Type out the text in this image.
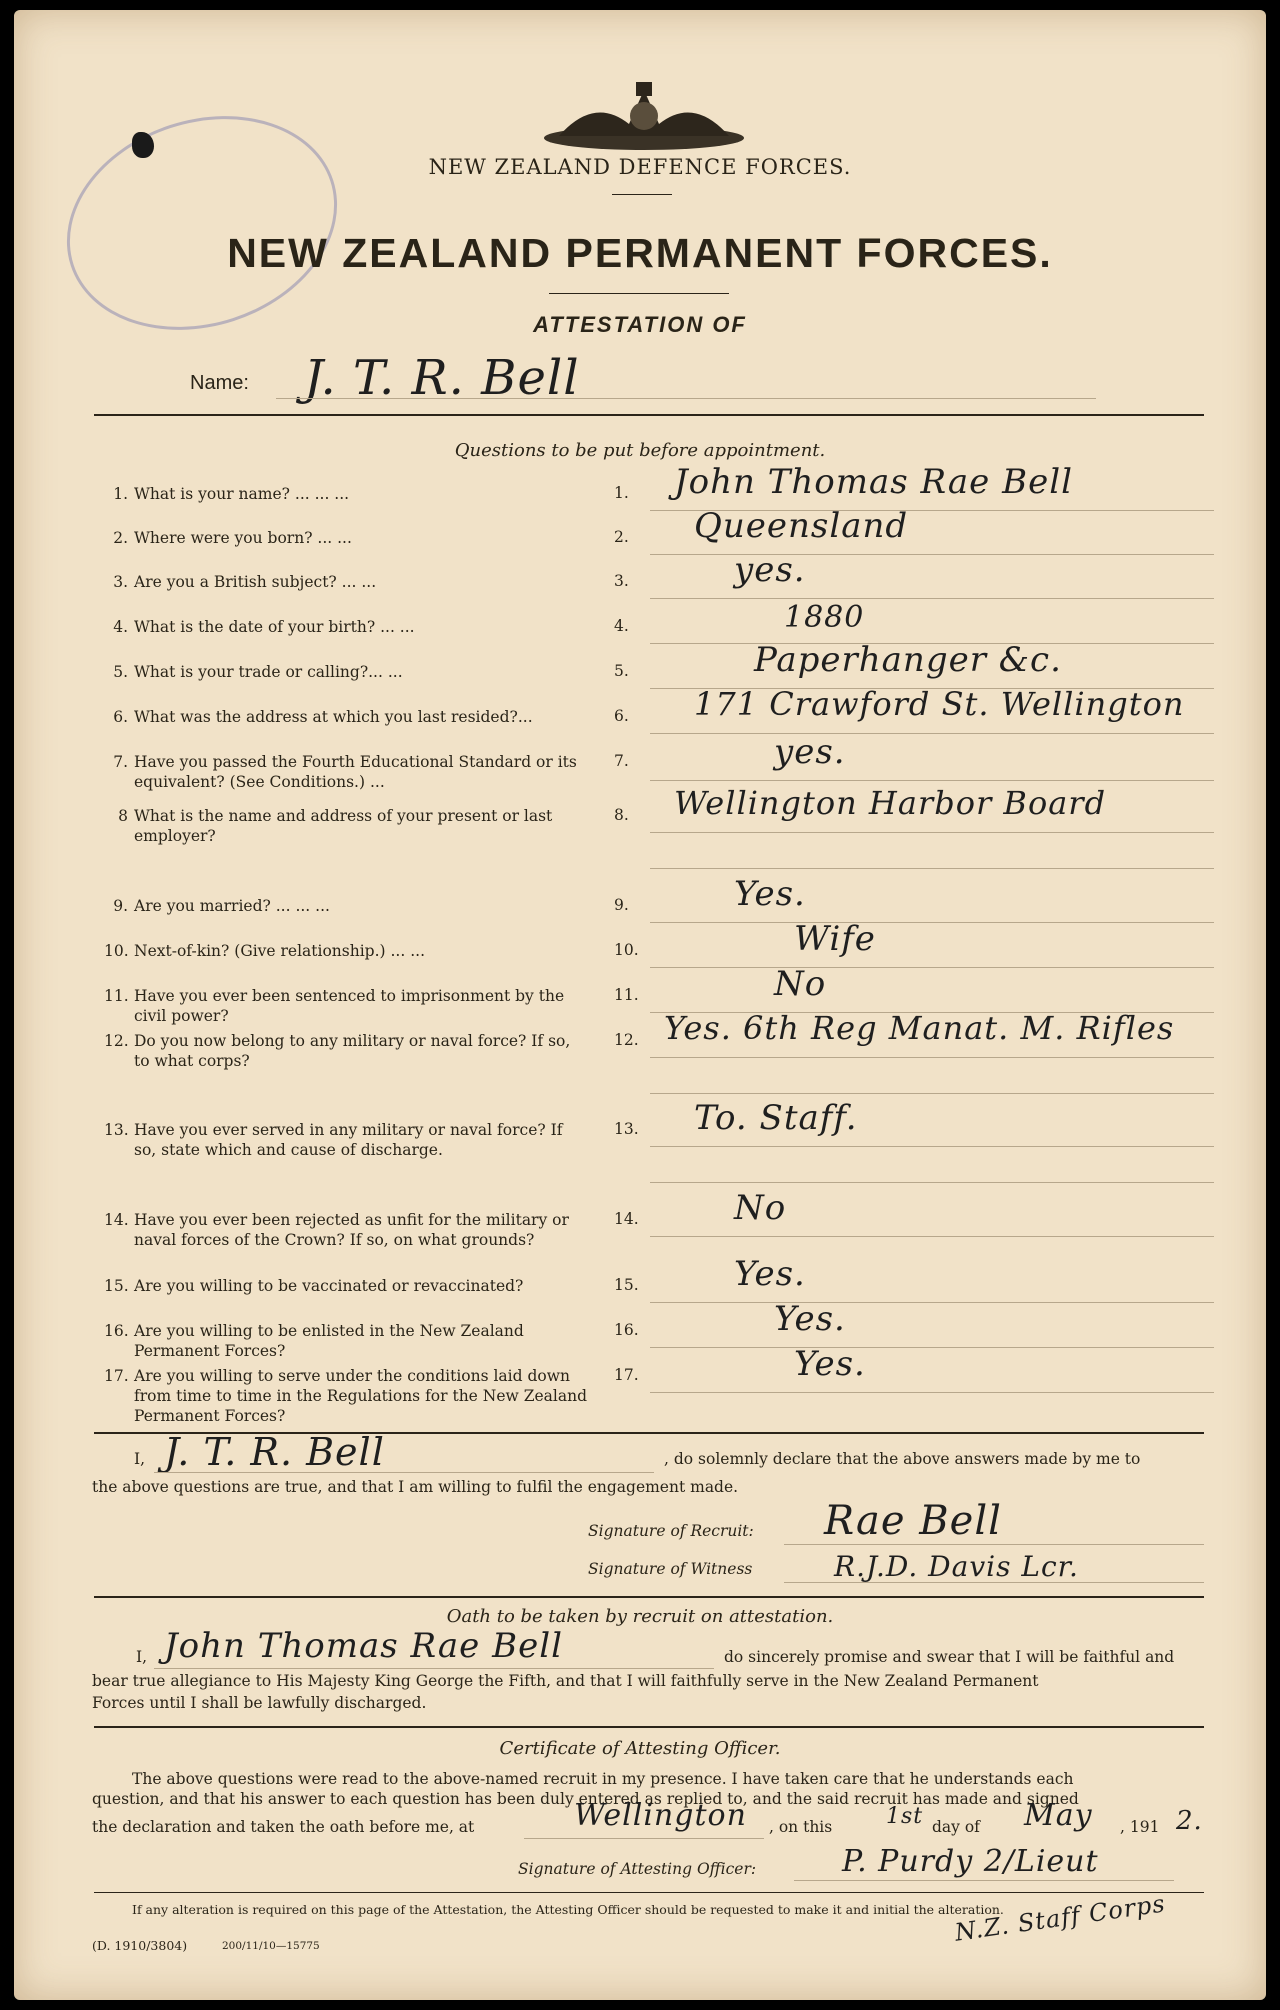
NEW ZEALAND DEFENCE FORCES.
NEW ZEALAND PERMANENT FORCES.
ATTESTATION OF
Name: J. T. R. Bell
Questions to be put before appointment.
1. What is your name? ... ... ...	1. John Thomas Rae Bell
2. Where were you born? ... ...	2. Queensland
3. Are you a British subject? ... ...	3.	yes.
4. What is the date of your birth? ... ...	4.	1880
5. What is your trade or calling?... ...	5.	Paperhanger &c.
6. What was the address at which you last resided?...	6. 171 Crawford St. Wellington
7. Have you passed the Fourth Educational Standard or its equivalent? (See Conditions.) ...
7.	yes.
8 What is the name and address of your present or last employer?
8. Wellington Harbor Board
9. Are you married? ... ... ...	9.	Yes.
10. Next-of-kin? (Give relationship.) ... ...	10.	Wife
11. Have you ever been sentenced to imprisonment by the civil power?
11.	No
12. Do you now belong to any military or naval force? If so, to what corps?
12. Yes. 6th Reg Manat. M. Rifles
13. Have you ever served in any military or naval force? If so, state which and cause of discharge.
13. To. Staff.
14. Have you ever been rejected as unfit for the military or naval forces of the Crown? If so, on what grounds?
14.	No
15. Are you willing to be vaccinated or revaccinated?	15.	Yes.
16. Are you willing to be enlisted in the New Zealand Permanent Forces?
16.	Yes.
17. Are you willing to serve under the conditions laid down from time to time in the Regulations for the New Zealand Permanent Forces?
17.	Yes.
I, J. T. R. Bell	, do solemnly declare that the above answers made by me to
the above questions are true, and that I am willing to fulfil the engagement made.
Signature of Recruit: Rae Bell
Signature of Witness	R.J.D. Davis Lcr.
Oath to be taken by recruit on attestation.
I, John Thomas Rae Bell	do sincerely promise and swear that I will be faithful and
bear true allegiance to His Majesty King George the Fifth, and that I will faithfully serve in the New Zealand Permanent
Forces until I shall be lawfully discharged.
Certificate of Attesting Officer.
The above questions were read to the above-named recruit in my presence. I have taken care that he understands each
question, and that his answer to each question has been duly entered as replied to, and the said recruit has made and signed
the declaration and taken the oath before me, at	Wellington , on this 1st day of May , 191 2.
Signature of Attesting Officer:	P. Purdy 2/Lieut
If any alteration is required on this page of the Attestation, the Attesting Officer should be requested to make it and initial the alteration.
N.Z. Staff Corps
(D. 1910/3804)	200/11/10—15775
